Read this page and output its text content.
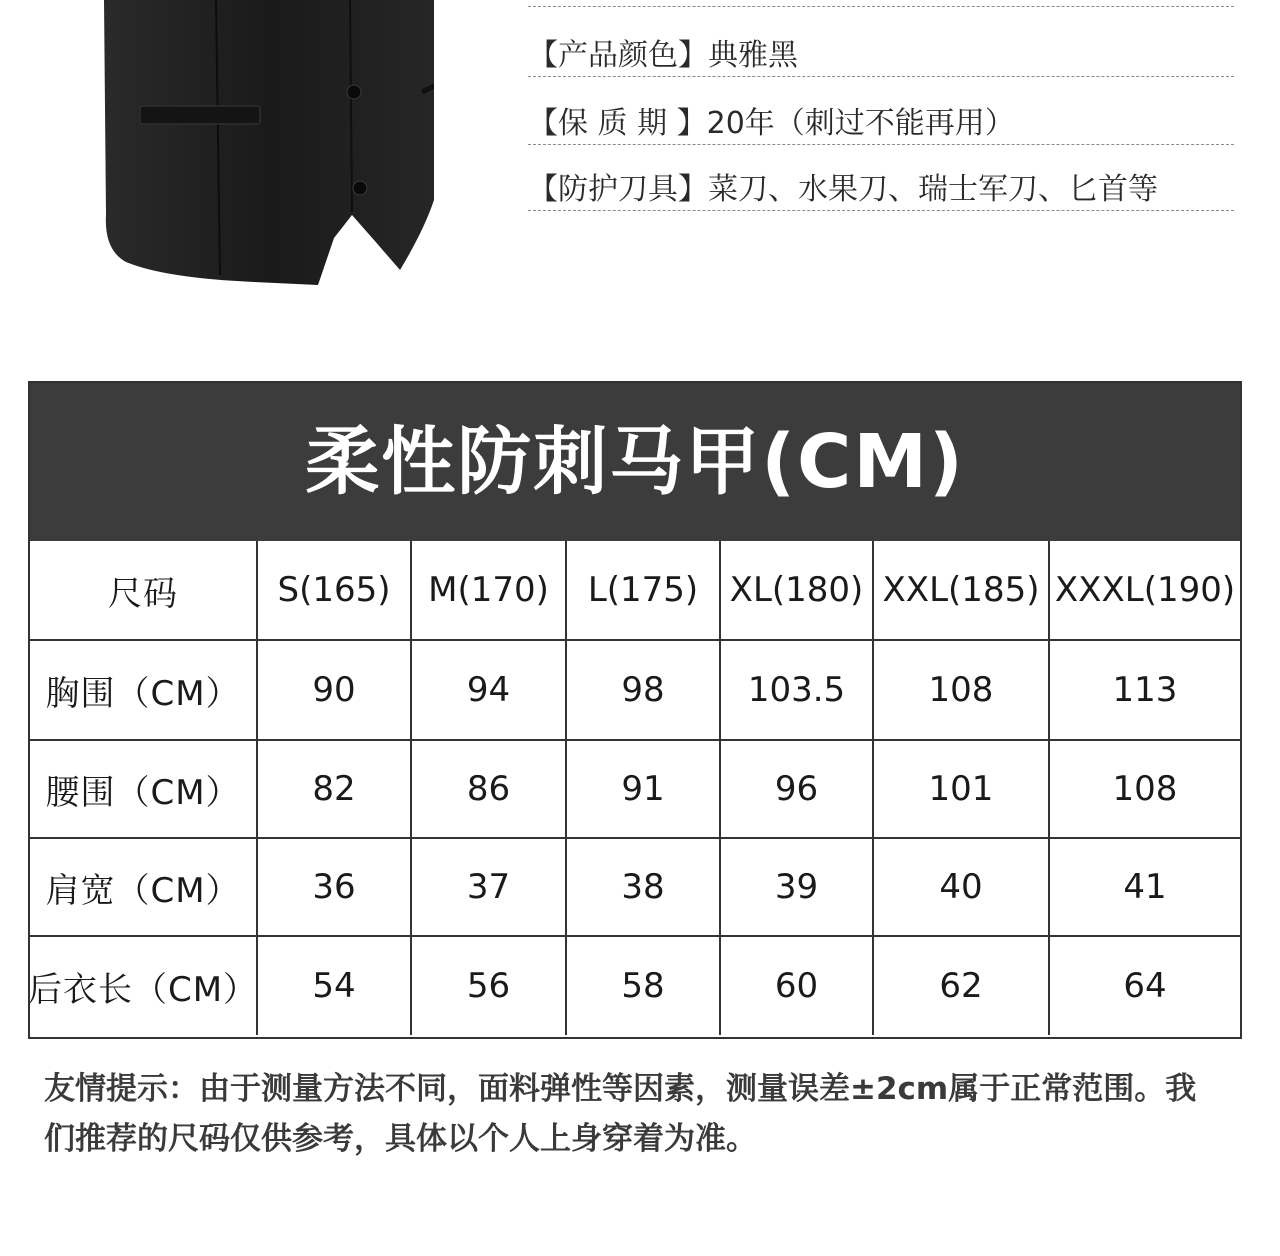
【产品颜色】典雅黑
【保 质 期 】20年（刺过不能再用）
【防护刀具】菜刀、水果刀、瑞士军刀、匕首等
柔性防刺马甲(CM)
尺码	S(165)	M(170)	L(175) XL(180) XXL(185) XXXL(190)
胸围（CM）	90	94	98	103.5	108	113
腰围（CM）	82	86	91	96	101	108
肩宽（CM）	36	37	38	39	40	41
后衣长（CM）	54	56	58	60	62	64
友情提示：由于测量方法不同，面料弹性等因素，测量误差±2cm属于正常范围。我们推荐的尺码仅供参考，具体以个人上身穿着为准。
